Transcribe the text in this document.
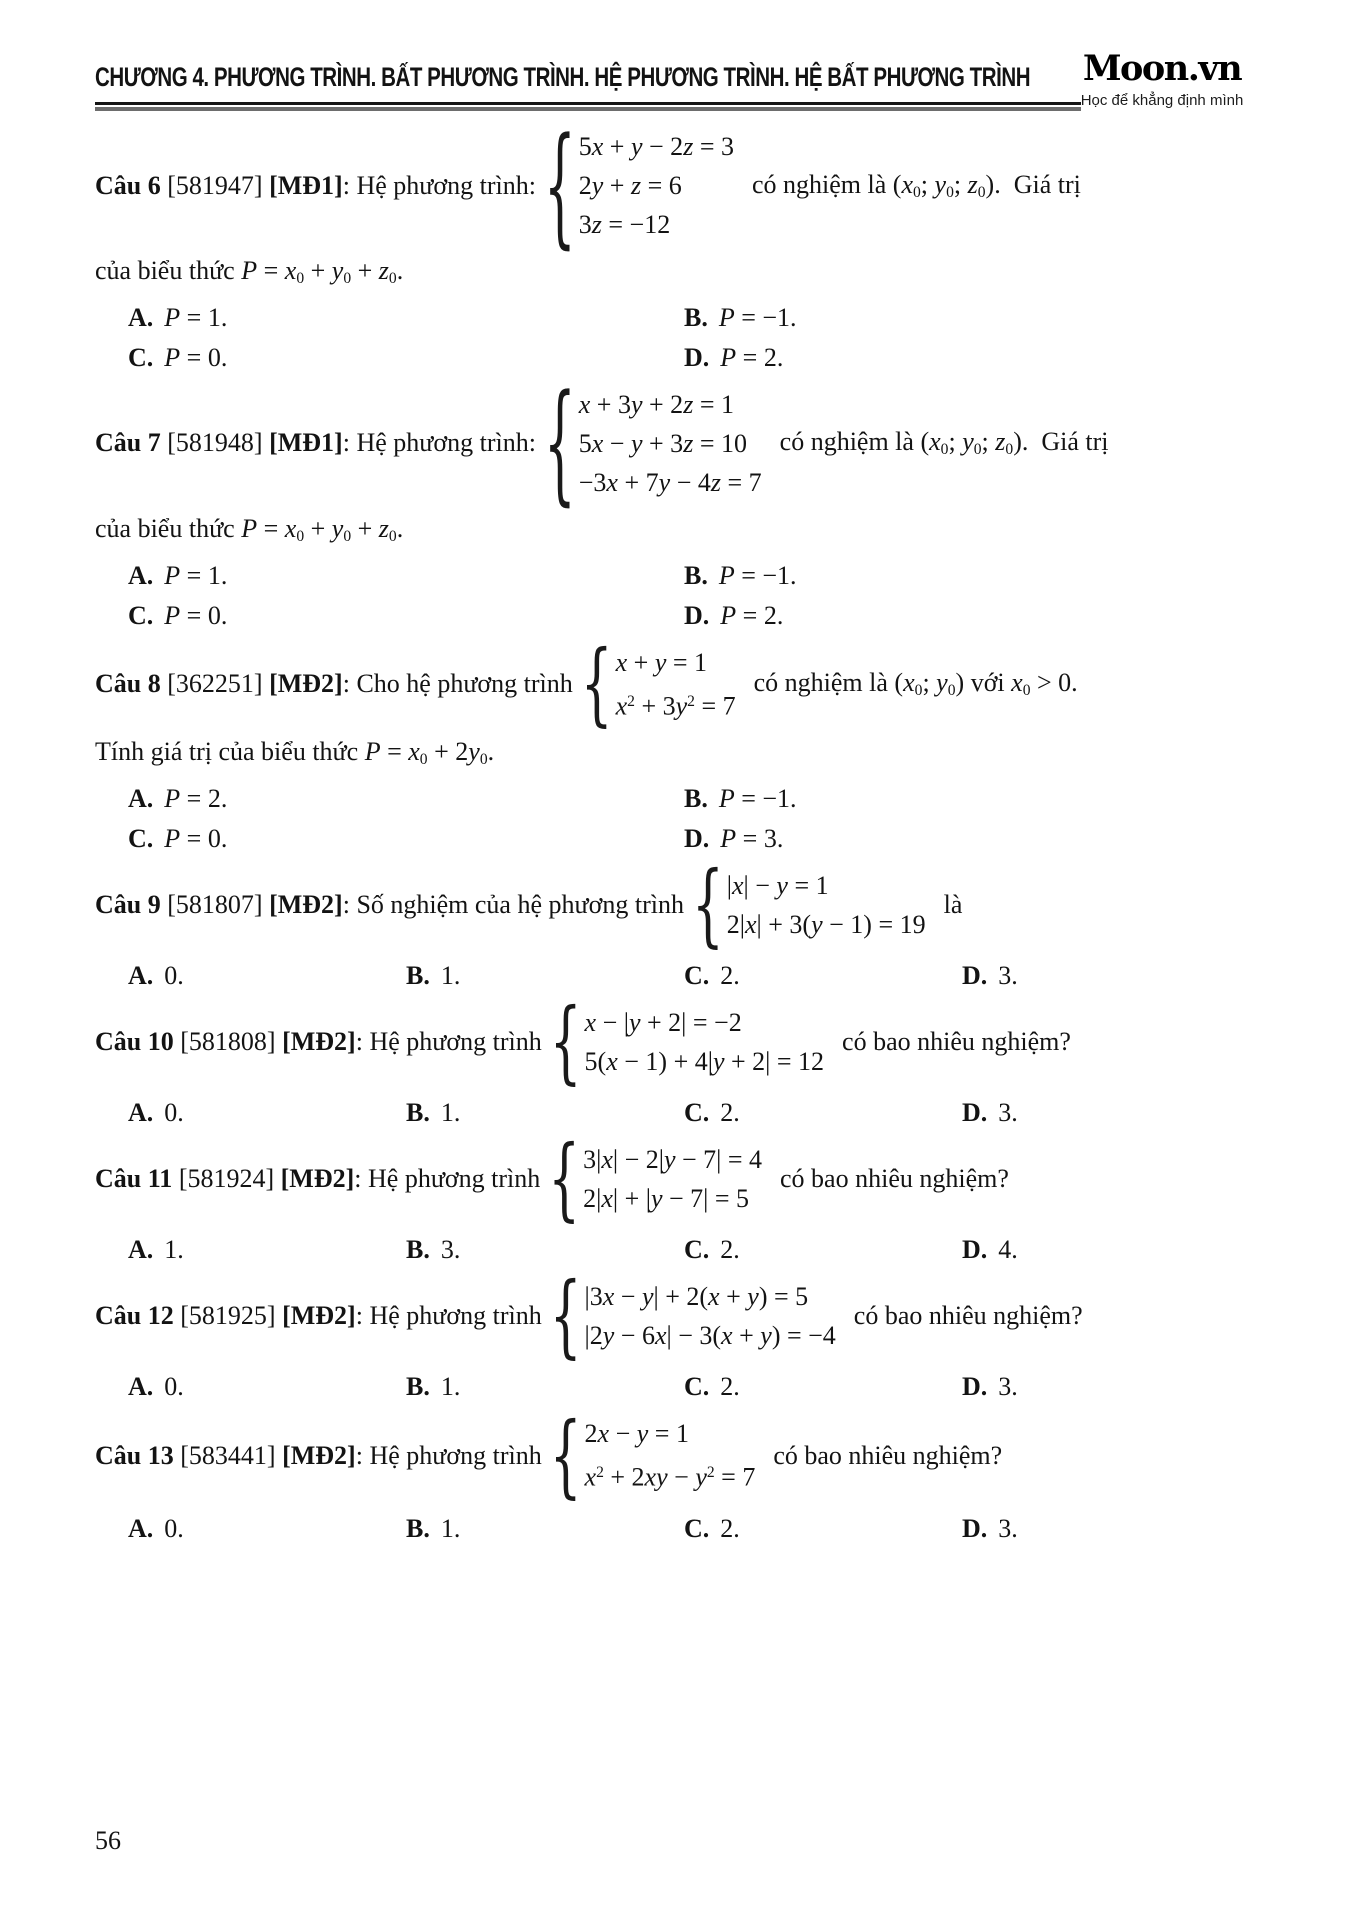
Moon.vn
Học để khẳng định mình
CHƯƠNG 4. PHƯƠNG TRÌNH. BẤT PHƯƠNG TRÌNH. HỆ PHƯƠNG TRÌNH. HỆ BẤT PHƯƠNG TRÌNH
Câu 6 [581947] [MĐ1]: Hệ phương trình:
{
5x + y − 2z = 3
2y + z = 6
3z = −12
có nghiệm là ($x_0$; $y_0$; $z_0$).  Giá trị
của biểu thức $P = x_0 + y_0 + z_0$.
A. P = 1.	B. P = −1.
C. P = 0.	D. P = 2.
Câu 7 [581948] [MĐ1]: Hệ phương trình:
{
x + 3y + 2z = 1
5x − y + 3z = 10
−3x + 7y − 4z = 7
có nghiệm là ($x_0$; $y_0$; $z_0$).  Giá trị
của biểu thức $P = x_0 + y_0 + z_0$.
A. P = 1.	B. P = −1.
C. P = 0.	D. P = 2.
Câu 8 [362251] [MĐ2]: Cho hệ phương trình
{
x + y = 1
$x^2 + 3y^2 = 7$
có nghiệm là ($x_0$; $y_0$) với $x_0 > 0$.
Tính giá trị của biểu thức $P = x_0 + 2y_0$.
A. P = 2.	B. P = −1.
C. P = 0.	D. P = 3.
Câu 9 [581807] [MĐ2]: Số nghiệm của hệ phương trình
{
|x| − y = 1
2|x| + 3(y − 1) = 19
là
A. 0.	B. 1.	C. 2.	D. 3.
Câu 10 [581808] [MĐ2]: Hệ phương trình
{
x − |y + 2| = −2
5(x − 1) + 4|y + 2| = 12
có bao nhiêu nghiệm?
A. 0.	B. 1.	C. 2.	D. 3.
Câu 11 [581924] [MĐ2]: Hệ phương trình
{
3|x| − 2|y − 7| = 4
2|x| + |y − 7| = 5
có bao nhiêu nghiệm?
A. 1.	B. 3.	C. 2.	D. 4.
Câu 12 [581925] [MĐ2]: Hệ phương trình
{
|3x − y| + 2(x + y) = 5
|2y − 6x| − 3(x + y) = −4
có bao nhiêu nghiệm?
A. 0.	B. 1.	C. 2.	D. 3.
Câu 13 [583441] [MĐ2]: Hệ phương trình
{
2x − y = 1
$x^2 + 2xy - y^2 = 7$
có bao nhiêu nghiệm?
A. 0.	B. 1.	C. 2.	D. 3.
56
